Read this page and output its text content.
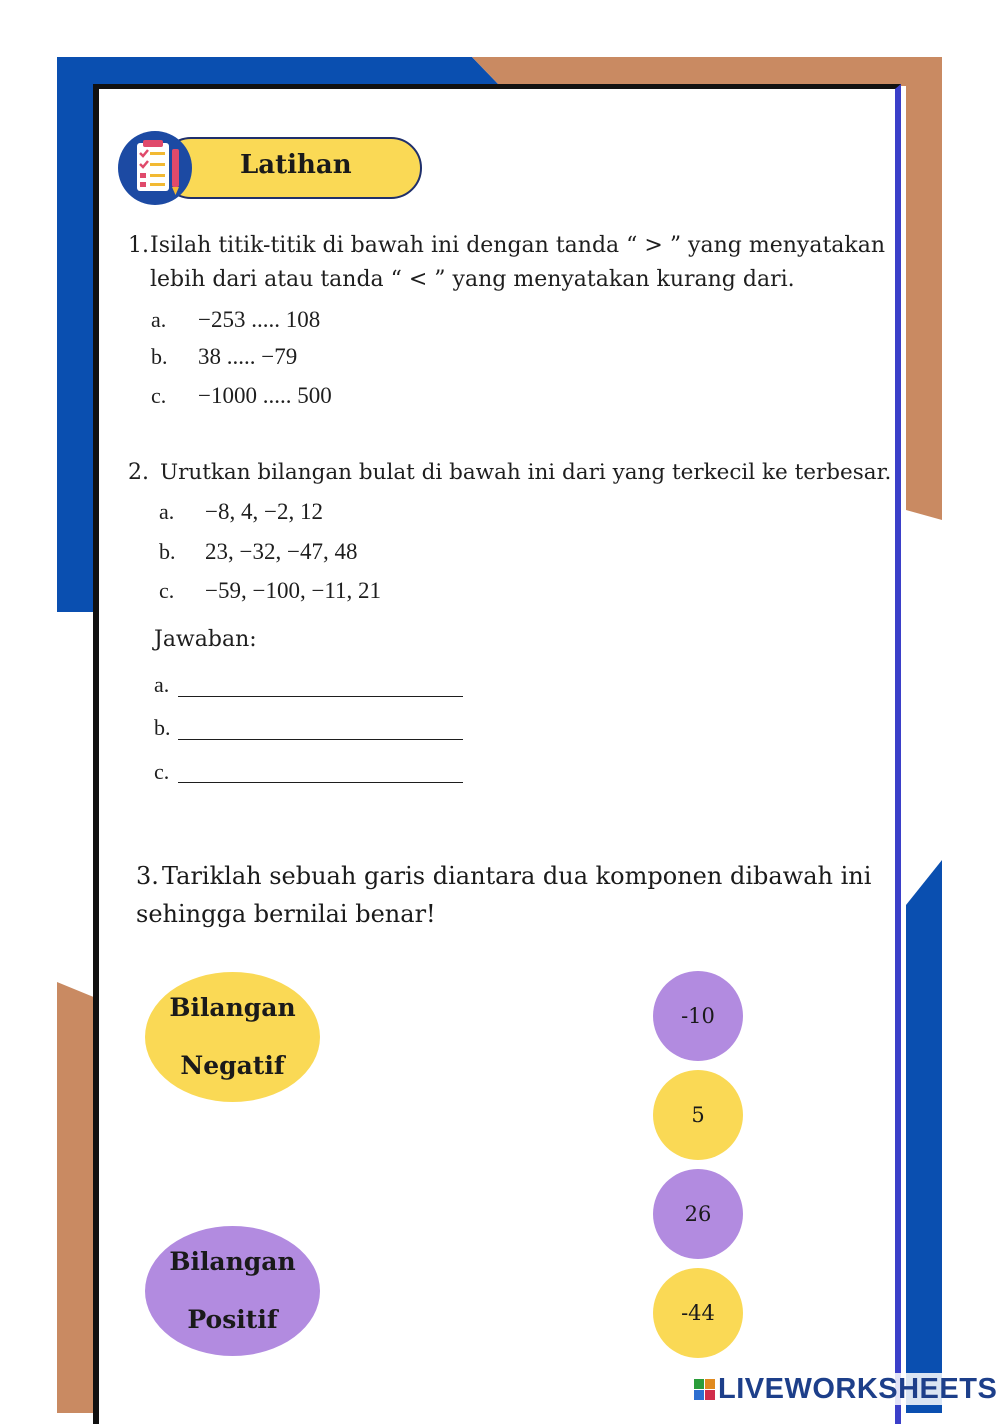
Latihan
1. Isilah titik-titik di bawah ini dengan tanda “ > ” yang menyatakan
lebih dari atau tanda “ < ” yang menyatakan kurang dari.
a. −253 ..... 108
b. 38 ..... −79
c. −1000 ..... 500
2. Urutkan bilangan bulat di bawah ini dari yang terkecil ke terbesar.
a. −8, 4, −2, 12
b. 23, −32, −47, 48
c. −59, −100, −11, 21
Jawaban:
a.
b.
c.
3. Tariklah sebuah garis diantara dua komponen dibawah ini
sehingga bernilai benar!
Bilangan
Negatif
Bilangan
Positif
-10
5
26
-44
LIVEWORKSHEETS
